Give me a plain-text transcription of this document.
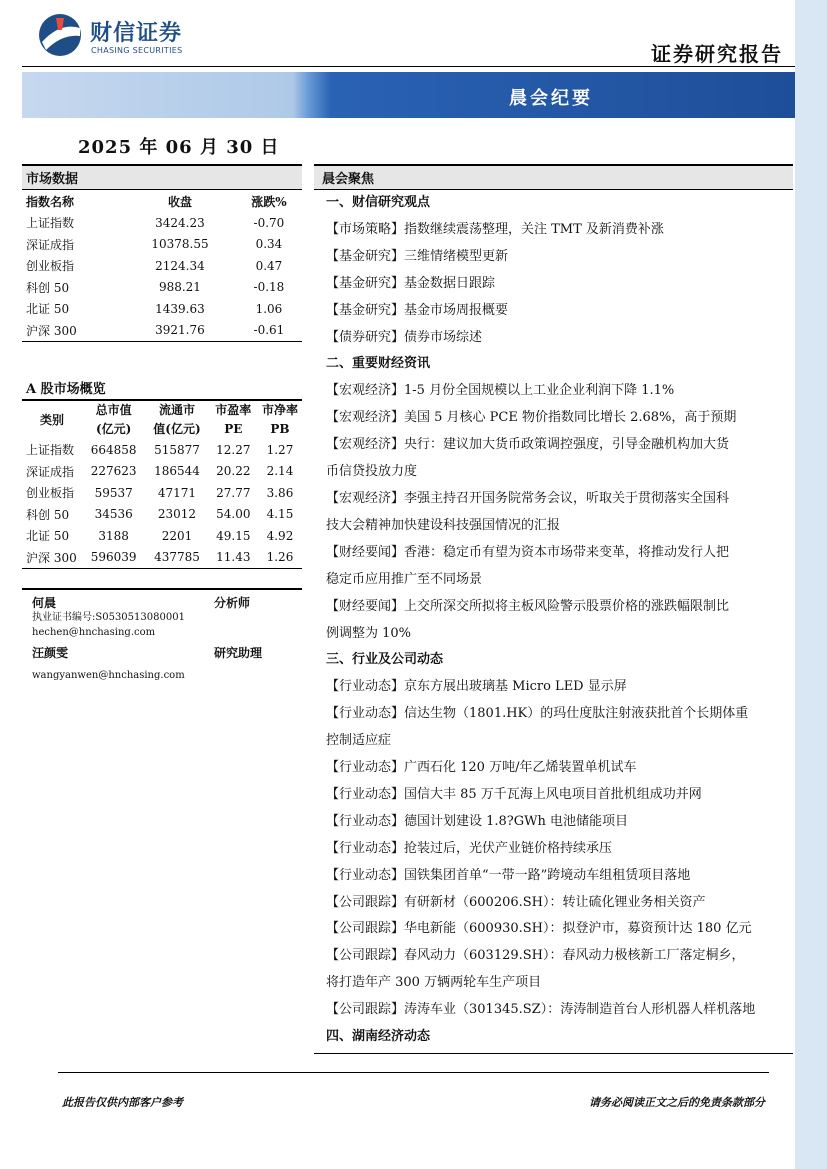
财信证券
CHASING SECURITIES	证券研究报告
晨会纪要
2025 年 06 月 30 日
市场数据
指数名称	收盘	涨跌%
上证指数	3424.23	-0.70
深证成指	10378.55	0.34
创业板指	2124.34	0.47
科创 50	988.21	-0.18
北证 50	1439.63	1.06
沪深 300	3921.76	-0.61
A 股市场概览
类别	总市值	流通市	市盈率	市净率
	(亿元)	值(亿元)	PE	PB
上证指数	664858	515877	12.27	1.27
深证成指	227623	186544	20.22	2.14
创业板指	59537	47171	27.77	3.86
科创 50	34536	23012	54.00	4.15
北证 50	3188	2201	49.15	4.92
沪深 300	596039	437785	11.43	1.26
何晨	分析师
执业证书编号:S0530513080001
hechen@hnchasing.com
汪颜雯	研究助理
wangyanwen@hnchasing.com
晨会聚焦
一、财信研究观点
【市场策略】指数继续震荡整理，关注 TMT 及新消费补涨
【基金研究】三维情绪模型更新
【基金研究】基金数据日跟踪
【基金研究】基金市场周报概要
【债券研究】债券市场综述
二、重要财经资讯
【宏观经济】1-5 月份全国规模以上工业企业利润下降 1.1%
【宏观经济】美国 5 月核心 PCE 物价指数同比增长 2.68%，高于预期
【宏观经济】央行：建议加大货币政策调控强度，引导金融机构加大货
币信贷投放力度
【宏观经济】李强主持召开国务院常务会议，听取关于贯彻落实全国科
技大会精神加快建设科技强国情况的汇报
【财经要闻】香港：稳定币有望为资本市场带来变革，将推动发行人把
稳定币应用推广至不同场景
【财经要闻】上交所深交所拟将主板风险警示股票价格的涨跌幅限制比
例调整为 10%
三、行业及公司动态
【行业动态】京东方展出玻璃基 Micro LED 显示屏
【行业动态】信达生物（1801.HK）的玛仕度肽注射液获批首个长期体重
控制适应症
【行业动态】广西石化 120 万吨/年乙烯装置单机试车
【行业动态】国信大丰 85 万千瓦海上风电项目首批机组成功并网
【行业动态】德国计划建设 1.8?GWh 电池储能项目
【行业动态】抢装过后，光伏产业链价格持续承压
【行业动态】国铁集团首单“一带一路”跨境动车组租赁项目落地
【公司跟踪】有研新材（600206.SH）：转让硫化锂业务相关资产
【公司跟踪】华电新能（600930.SH）：拟登沪市，募资预计达 180 亿元
【公司跟踪】春风动力（603129.SH）：春风动力极核新工厂落定桐乡，
将打造年产 300 万辆两轮车生产项目
【公司跟踪】涛涛车业（301345.SZ）：涛涛制造首台人形机器人样机落地
四、湖南经济动态
此报告仅供内部客户参考	请务必阅读正文之后的免责条款部分
